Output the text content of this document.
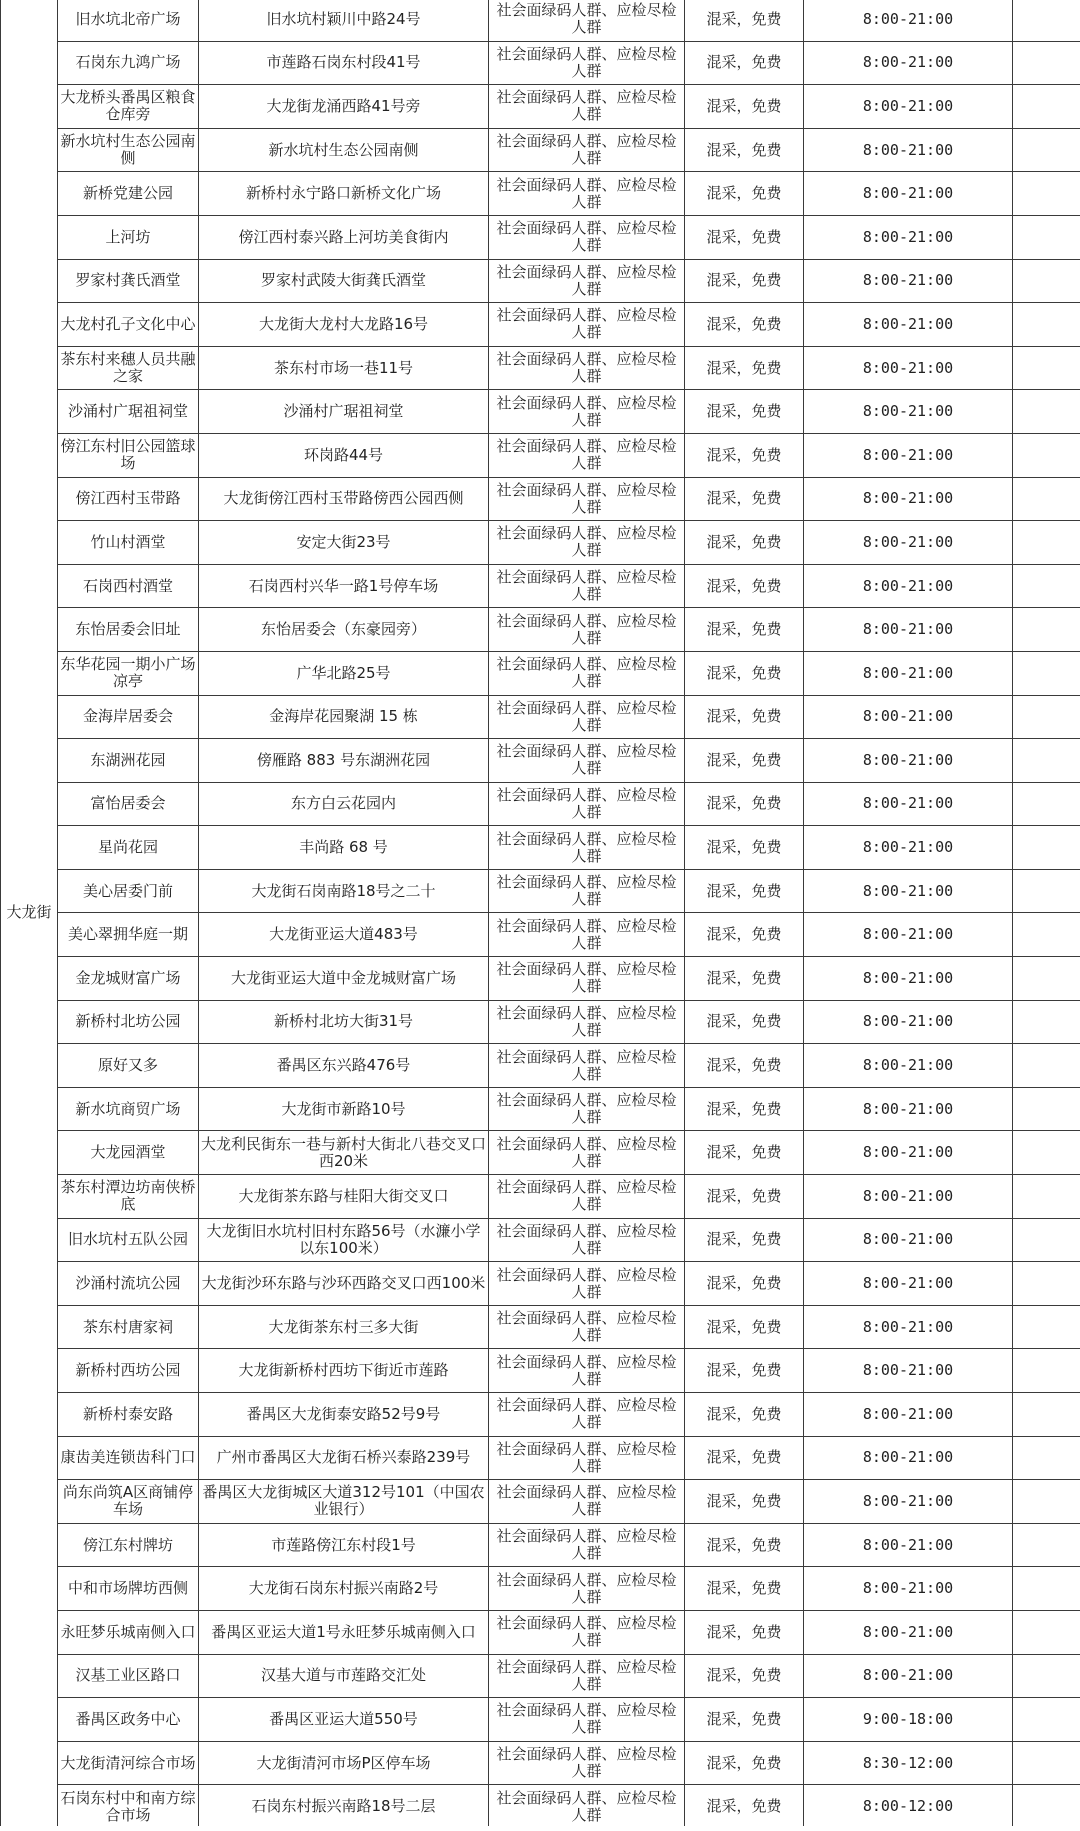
大龙街	旧水坑北帝广场	旧水坑村颖川中路24号	社会面绿码人群、应检尽检人群	混采，免费	8:00-21:00	
	石岗东九鸿广场	市莲路石岗东村段41号	社会面绿码人群、应检尽检人群	混采，免费	8:00-21:00	
	大龙桥头番禺区粮食仓库旁	大龙街龙涌西路41号旁	社会面绿码人群、应检尽检人群	混采，免费	8:00-21:00	
	新水坑村生态公园南侧	新水坑村生态公园南侧	社会面绿码人群、应检尽检人群	混采，免费	8:00-21:00	
	新桥党建公园	新桥村永宁路口新桥文化广场	社会面绿码人群、应检尽检人群	混采，免费	8:00-21:00	
	上河坊	傍江西村泰兴路上河坊美食街内	社会面绿码人群、应检尽检人群	混采，免费	8:00-21:00	
	罗家村龚氏酒堂	罗家村武陵大街龚氏酒堂	社会面绿码人群、应检尽检人群	混采，免费	8:00-21:00	
	大龙村孔子文化中心	大龙街大龙村大龙路16号	社会面绿码人群、应检尽检人群	混采，免费	8:00-21:00	
	茶东村来穗人员共融之家	茶东村市场一巷11号	社会面绿码人群、应检尽检人群	混采，免费	8:00-21:00	
	沙涌村广琚祖祠堂	沙涌村广琚祖祠堂	社会面绿码人群、应检尽检人群	混采，免费	8:00-21:00	
	傍江东村旧公园篮球场	环岗路44号	社会面绿码人群、应检尽检人群	混采，免费	8:00-21:00	
	傍江西村玉带路	大龙街傍江西村玉带路傍西公园西侧	社会面绿码人群、应检尽检人群	混采，免费	8:00-21:00	
	竹山村酒堂	安定大街23号	社会面绿码人群、应检尽检人群	混采，免费	8:00-21:00	
	石岗西村酒堂	石岗西村兴华一路1号停车场	社会面绿码人群、应检尽检人群	混采，免费	8:00-21:00	
	东怡居委会旧址	东怡居委会（东豪园旁）	社会面绿码人群、应检尽检人群	混采，免费	8:00-21:00	
	东华花园一期小广场凉亭	广华北路25号	社会面绿码人群、应检尽检人群	混采，免费	8:00-21:00	
	金海岸居委会	金海岸花园聚湖 15 栋	社会面绿码人群、应检尽检人群	混采，免费	8:00-21:00	
	东湖洲花园	傍雁路 883 号东湖洲花园	社会面绿码人群、应检尽检人群	混采，免费	8:00-21:00	
	富怡居委会	东方白云花园内	社会面绿码人群、应检尽检人群	混采，免费	8:00-21:00	
	星尚花园	丰尚路 68 号	社会面绿码人群、应检尽检人群	混采，免费	8:00-21:00	
	美心居委门前	大龙街石岗南路18号之二十	社会面绿码人群、应检尽检人群	混采，免费	8:00-21:00	
	美心翠拥华庭一期	大龙街亚运大道483号	社会面绿码人群、应检尽检人群	混采，免费	8:00-21:00	
	金龙城财富广场	大龙街亚运大道中金龙城财富广场	社会面绿码人群、应检尽检人群	混采，免费	8:00-21:00	
	新桥村北坊公园	新桥村北坊大街31号	社会面绿码人群、应检尽检人群	混采，免费	8:00-21:00	
	原好又多	番禺区东兴路476号	社会面绿码人群、应检尽检人群	混采，免费	8:00-21:00	
	新水坑商贸广场	大龙街市新路10号	社会面绿码人群、应检尽检人群	混采，免费	8:00-21:00	
	大龙园酒堂	大龙利民街东一巷与新村大街北八巷交叉口西20米	社会面绿码人群、应检尽检人群	混采，免费	8:00-21:00	
	茶东村潭边坊南侠桥底	大龙街茶东路与桂阳大街交叉口	社会面绿码人群、应检尽检人群	混采，免费	8:00-21:00	
	旧水坑村五队公园	大龙街旧水坑村旧村东路56号（水濂小学以东100米）	社会面绿码人群、应检尽检人群	混采，免费	8:00-21:00	
	沙涌村流坑公园	大龙街沙环东路与沙环西路交叉口西100米	社会面绿码人群、应检尽检人群	混采，免费	8:00-21:00	
	茶东村唐家祠	大龙街茶东村三多大街	社会面绿码人群、应检尽检人群	混采，免费	8:00-21:00	
	新桥村西坊公园	大龙街新桥村西坊下街近市莲路	社会面绿码人群、应检尽检人群	混采，免费	8:00-21:00	
	新桥村泰安路	番禺区大龙街泰安路52号9号	社会面绿码人群、应检尽检人群	混采，免费	8:00-21:00	
	康齿美连锁齿科门口	广州市番禺区大龙街石桥兴泰路239号	社会面绿码人群、应检尽检人群	混采，免费	8:00-21:00	
	尚东尚筑A区商铺停车场	番禺区大龙街城区大道312号101（中国农业银行）	社会面绿码人群、应检尽检人群	混采，免费	8:00-21:00	
	傍江东村牌坊	市莲路傍江东村段1号	社会面绿码人群、应检尽检人群	混采，免费	8:00-21:00	
	中和市场牌坊西侧	大龙街石岗东村振兴南路2号	社会面绿码人群、应检尽检人群	混采，免费	8:00-21:00	
	永旺梦乐城南侧入口	番禺区亚运大道1号永旺梦乐城南侧入口	社会面绿码人群、应检尽检人群	混采，免费	8:00-21:00	
	汉基工业区路口	汉基大道与市莲路交汇处	社会面绿码人群、应检尽检人群	混采，免费	8:00-21:00	
	番禺区政务中心	番禺区亚运大道550号	社会面绿码人群、应检尽检人群	混采，免费	9:00-18:00	
	大龙街清河综合市场	大龙街清河市场P区停车场	社会面绿码人群、应检尽检人群	混采，免费	8:30-12:00	
	石岗东村中和南方综合市场	石岗东村振兴南路18号二层	社会面绿码人群、应检尽检人群	混采，免费	8:00-12:00	
